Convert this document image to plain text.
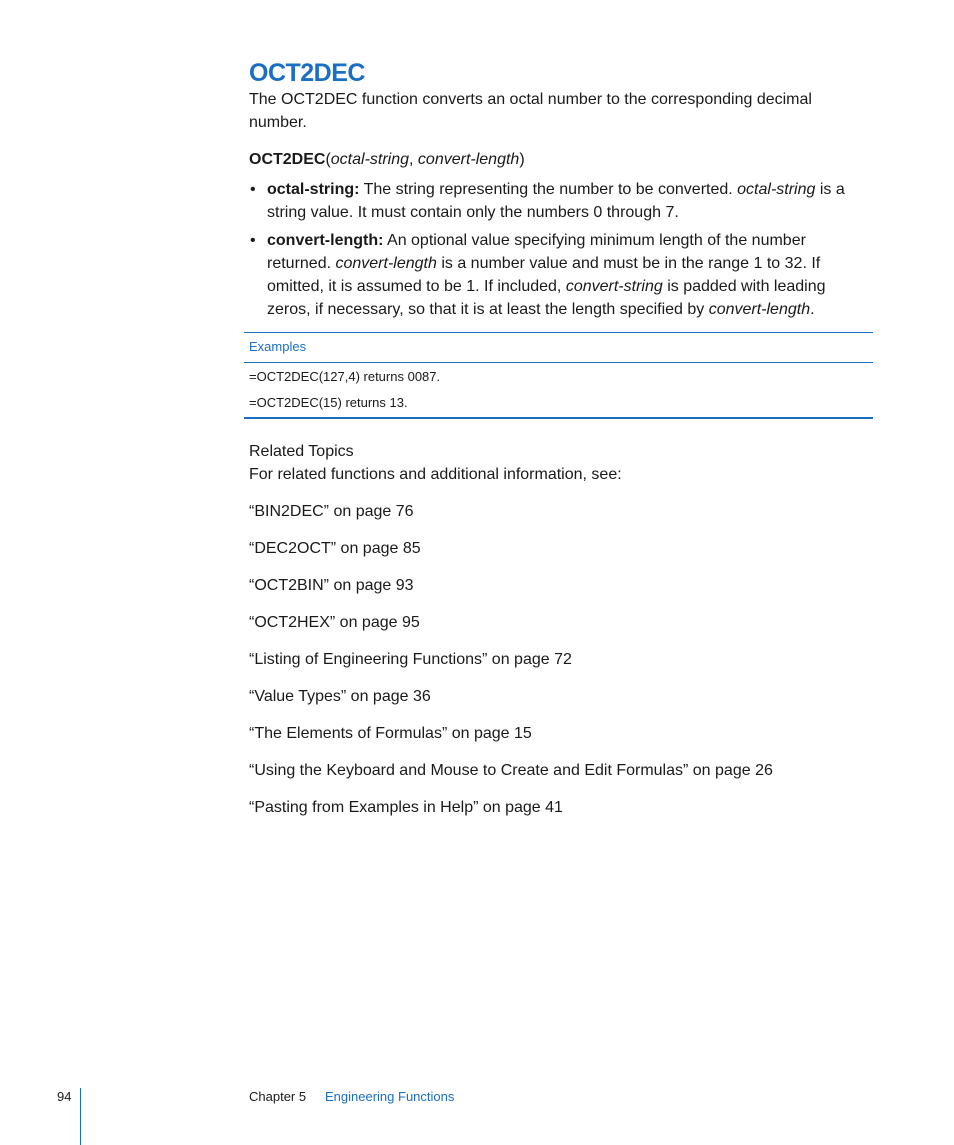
OCT2DEC

The OCT2DEC function converts an octal number to the corresponding decimal number.

OCT2DEC(octal-string, convert-length)
• octal-string: The string representing the number to be converted. octal-string is a string value. It must contain only the numbers 0 through 7.
• convert-length: An optional value specifying minimum length of the number returned. convert-length is a number value and must be in the range 1 to 32. If omitted, it is assumed to be 1. If included, convert-string is padded with leading zeros, if necessary, so that it is at least the length specified by convert-length.
Examples
=OCT2DEC(127,4) returns 0087.
=OCT2DEC(15) returns 13.
Related Topics

For related functions and additional information, see:

“BIN2DEC” on page 76
“DEC2OCT” on page 85
“OCT2BIN” on page 93
“OCT2HEX” on page 95
“Listing of Engineering Functions” on page 72
“Value Types” on page 36
“The Elements of Formulas” on page 15
“Using the Keyboard and Mouse to Create and Edit Formulas” on page 26
“Pasting from Examples in Help” on page 41
94	Chapter 5 Engineering Functions
